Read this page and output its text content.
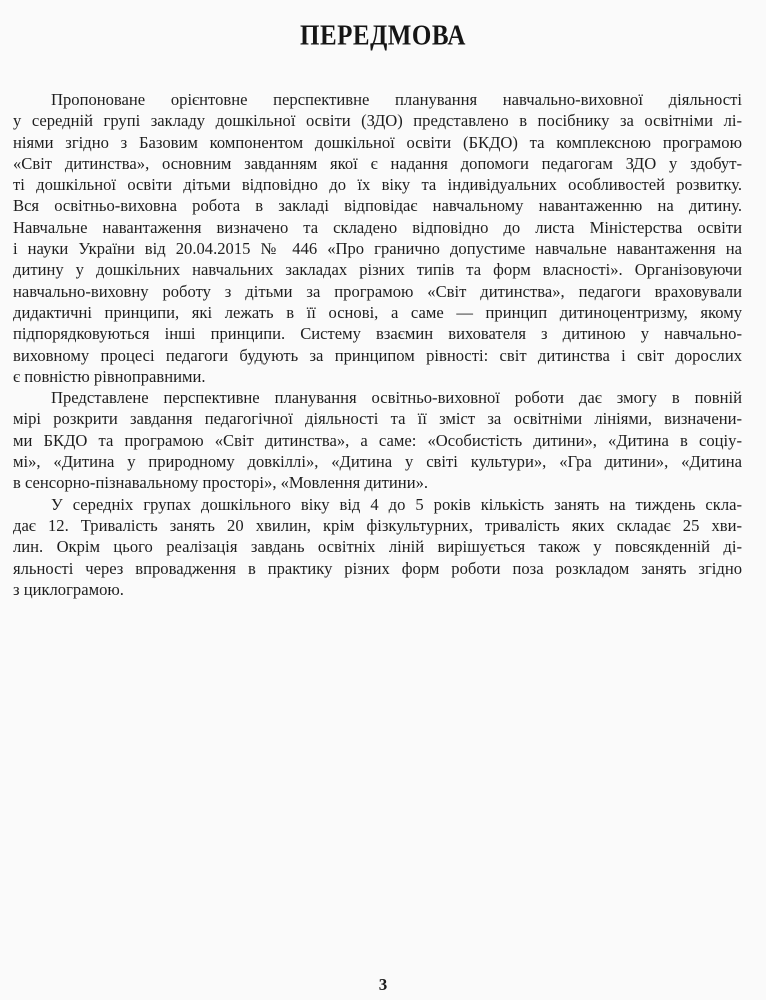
ПЕРЕДМОВА
Пропоноване орієнтовне перспективне планування навчально-виховної діяльності
у середній групі закладу дошкільної освіти (ЗДО) представлено в посібнику за освітніми лі-
ніями згідно з Базовим компонентом дошкільної освіти (БКДО) та комплексною програмою
«Світ дитинства», основним завданням якої є надання допомоги педагогам ЗДО у здобут-
ті дошкільної освіти дітьми відповідно до їх віку та індивідуальних особливостей розвитку.
Вся освітньо-виховна робота в закладі відповідає навчальному навантаженню на дитину.
Навчальне навантаження визначено та складено відповідно до листа Міністерства освіти
і науки України від 20.04.2015 № 446 «Про гранично допустиме навчальне навантаження на
дитину у дошкільних навчальних закладах різних типів та форм власності». Організовуючи
навчально-виховну роботу з дітьми за програмою «Світ дитинства», педагоги враховували
дидактичні принципи, які лежать в її основі, а саме — принцип дитиноцентризму, якому
підпорядковуються інші принципи. Систему взаємин вихователя з дитиною у навчально-
виховному процесі педагоги будують за принципом рівності: світ дитинства і світ дорослих
є повністю рівноправними.
Представлене перспективне планування освітньо-виховної роботи дає змогу в повній
мірі розкрити завдання педагогічної діяльності та її зміст за освітніми лініями, визначени-
ми БКДО та програмою «Світ дитинства», а саме: «Особистість дитини», «Дитина в соціу-
мі», «Дитина у природному довкіллі», «Дитина у світі культури», «Гра дитини», «Дитина
в сенсорно-пізнавальному просторі», «Мовлення дитини».
У середніх групах дошкільного віку від 4 до 5 років кількість занять на тиждень скла-
дає 12. Тривалість занять 20 хвилин, крім фізкультурних, тривалість яких складає 25 хви-
лин. Окрім цього реалізація завдань освітніх ліній вирішується також у повсякденній ді-
яльності через впровадження в практику різних форм роботи поза розкладом занять згідно
з циклограмою.
3
